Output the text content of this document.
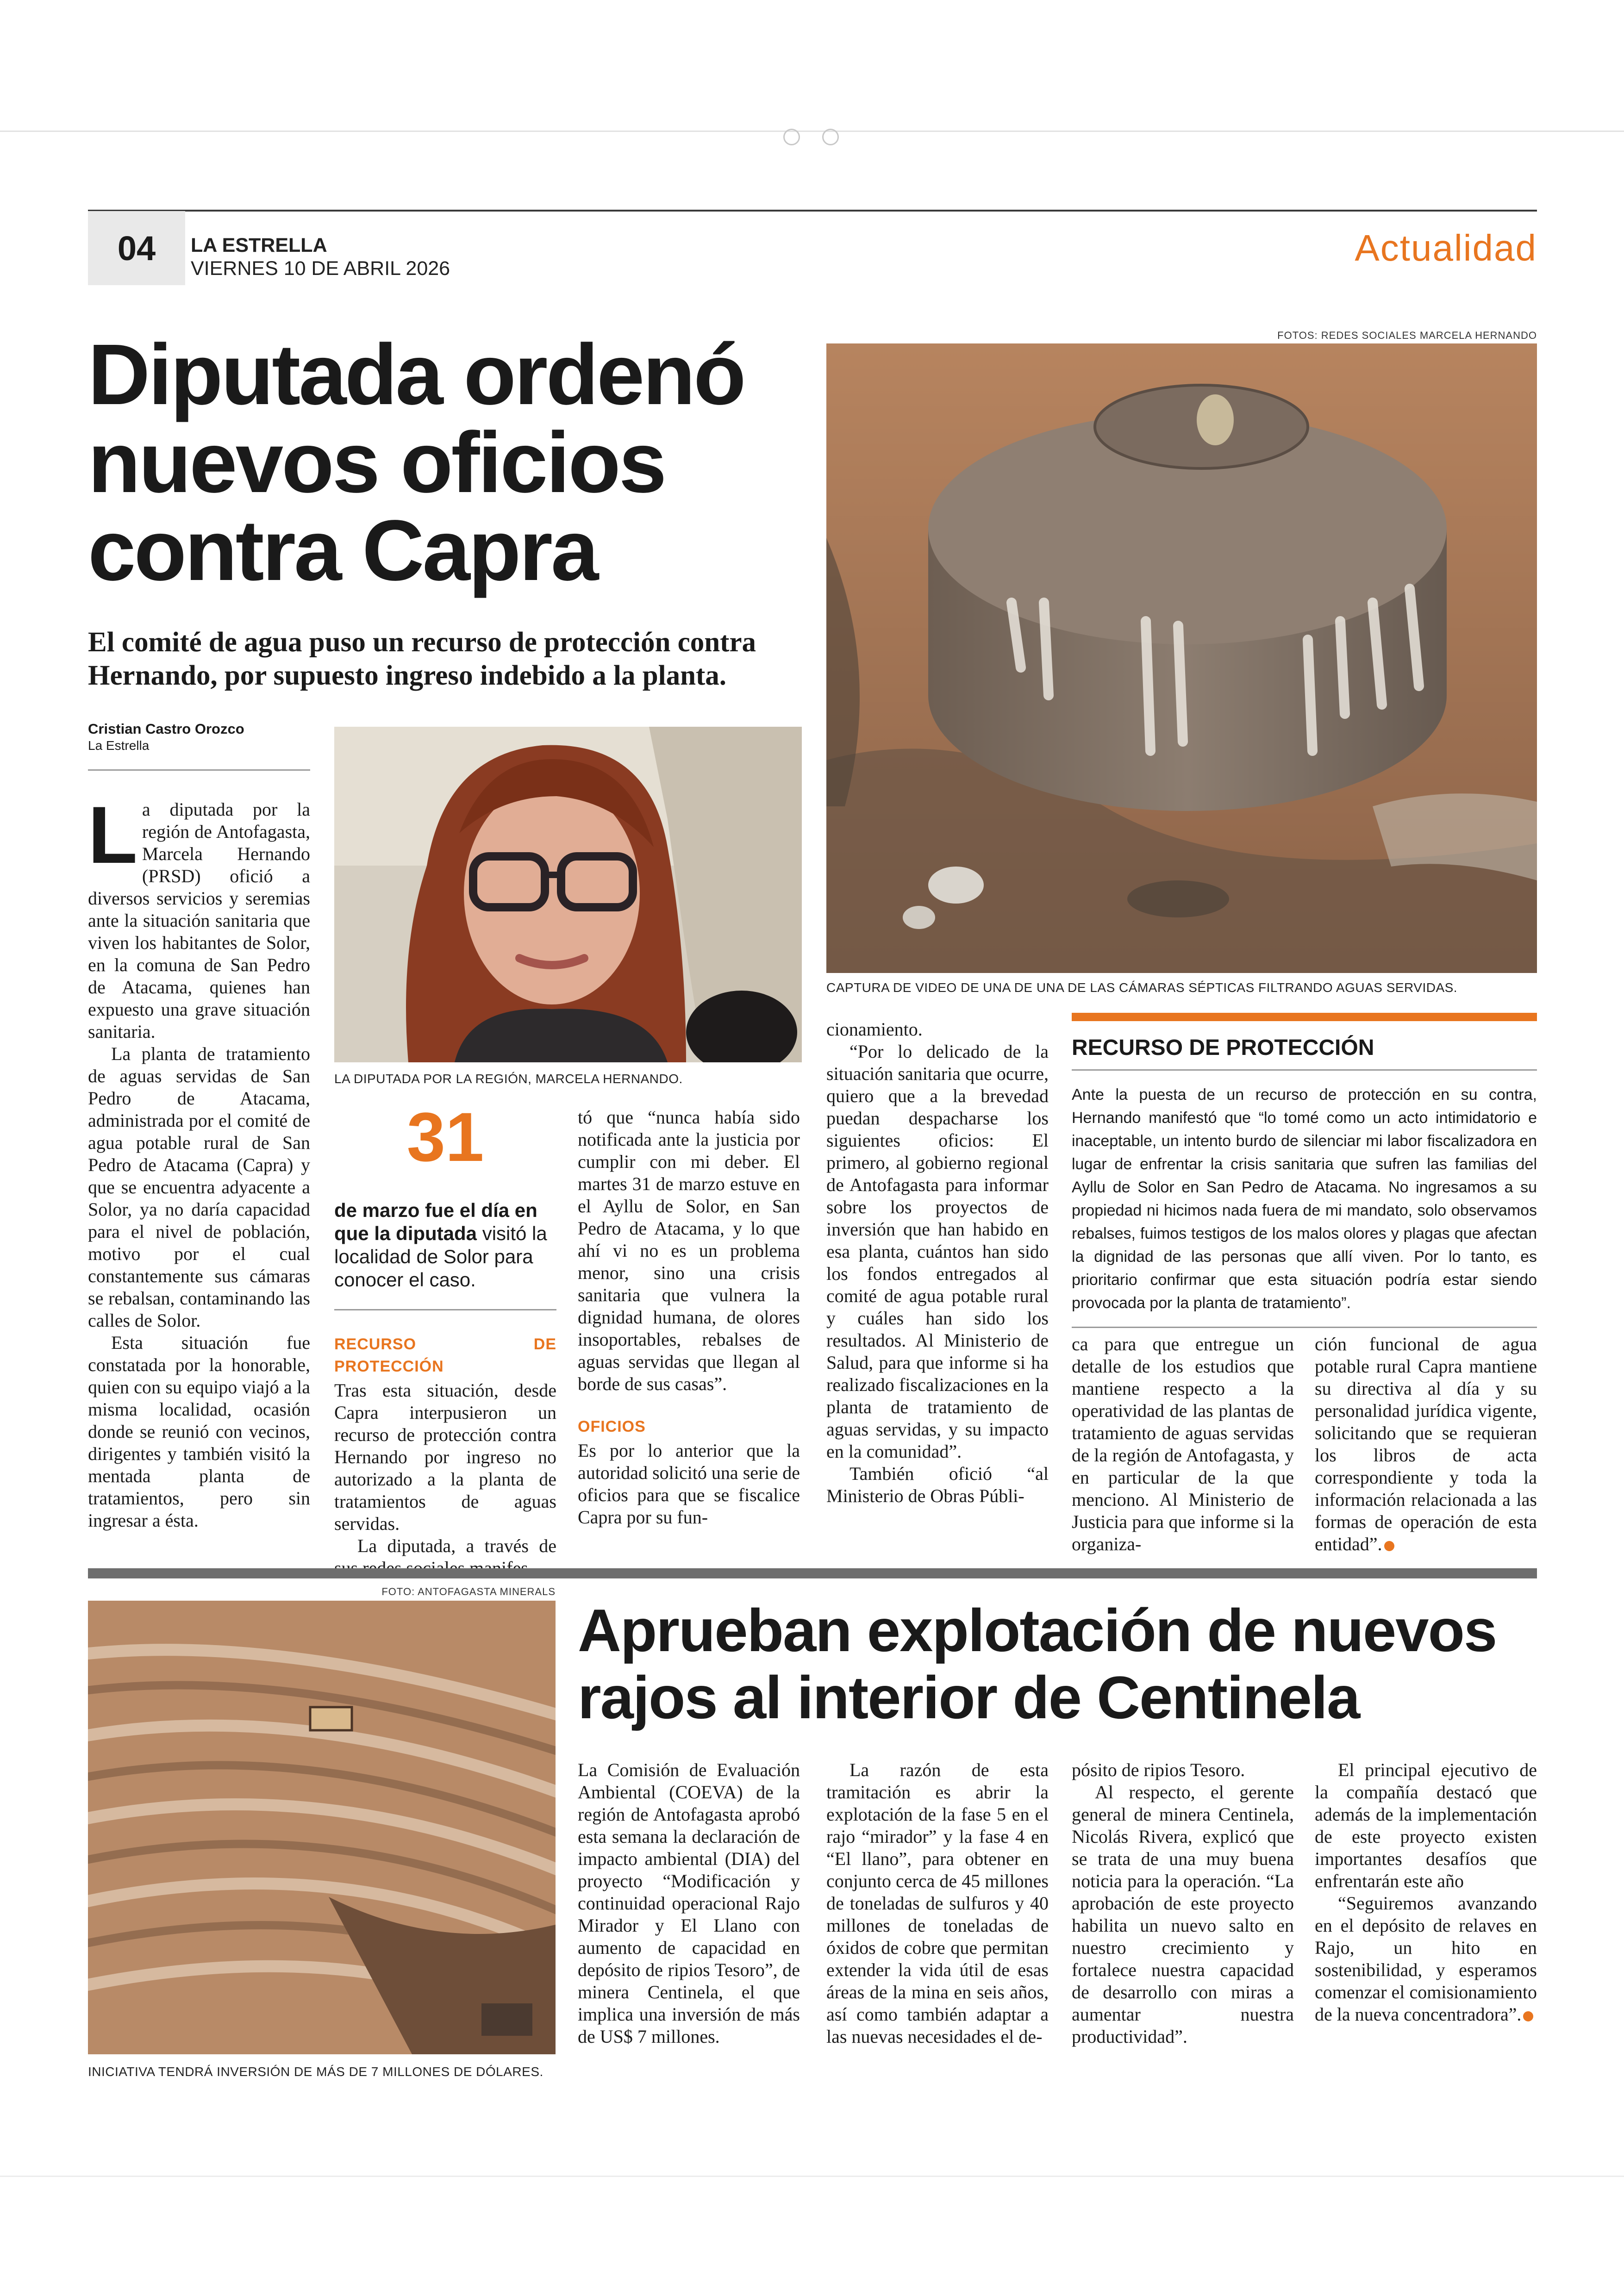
04	LA ESTRELLA
VIERNES 10 DE ABRIL 2026	Actualidad
Diputada ordenó
nuevos oficios
contra Capra
El comité de agua puso un recurso de protección contra Hernando, por supuesto ingreso indebido a la planta.
Cristian Castro Orozco
La Estrella
FOTOS: REDES SOCIALES MARCELA HERNANDO
CAPTURA DE VIDEO DE UNA DE UNA DE LAS CÁMARAS SÉPTICAS FILTRANDO AGUAS SERVIDAS.
LA DIPUTADA POR LA REGIÓN, MARCELA HERNANDO.
L a diputada por la región de Antofagasta, Marcela Hernando (PRSD) ofició a diversos servicios y seremias ante la situación sanitaria que viven los habitantes de Solor, en la comuna de San Pedro de Atacama, quienes han expuesto una grave situación sanitaria.

La planta de tratamiento de aguas servidas de San Pedro de Atacama, administrada por el comité de agua potable rural de San Pedro de Atacama (Capra) y que se encuentra adyacente a Solor, ya no daría capacidad para el nivel de población, motivo por el cual constantemente sus cámaras se rebalsan, contaminando las calles de Solor.

Esta situación fue constatada por la honorable, quien con su equipo viajó a la misma localidad, ocasión donde se reunió con vecinos, dirigentes y también visitó la mentada planta de tratamientos, pero sin ingresar a ésta.

31
de marzo fue el día en que la diputada visitó la localidad de Solor para conocer el caso.
RECURSO DE PROTECCIÓN

Tras esta situación, desde Capra interpusieron un recurso de protección contra Hernando por ingreso no autorizado a la planta de tratamientos de aguas servidas.

La diputada, a través de

tó que “nunca había sido notificada ante la justicia por cumplir con mi deber. El martes 31 de marzo estuve en el Ayllu de Solor, en San Pedro de Atacama, y lo que ahí vi no es un problema menor, sino una crisis sanitaria que vulnera la dignidad humana, de olores insoportables, rebalses de aguas servidas que llegan al borde de sus casas”.

OFICIOS

Es por lo anterior que la autoridad solicitó una serie de oficios para que se fiscalice Capra por su fun-

cionamiento.

“Por lo delicado de la situación sanitaria que ocurre, quiero que a la brevedad puedan despacharse los siguientes oficios: El primero, al gobierno regional de Antofagasta para informar sobre los proyectos de inversión que han habido en esa planta, cuántos han sido los fondos entregados al comité de agua potable rural y cuáles han sido los resultados. Al Ministerio de Salud, para que informe si ha realizado fiscalizaciones en la planta de tratamiento de aguas servidas, y su impacto en la comunidad”.

También ofició “al Ministerio de Obras Públi-

RECURSO DE PROTECCIÓN
Ante la puesta de un recurso de protección en su contra, Hernando manifestó que “lo tomé como un acto intimidatorio e inaceptable, un intento burdo de silenciar mi labor fiscalizadora en lugar de enfrentar la crisis sanitaria que sufren las familias del Ayllu de Solor en San Pedro de Atacama. No ingresamos a su propiedad ni hicimos nada fuera de mi mandato, solo observamos rebalses, fuimos testigos de los malos olores y plagas que afectan la dignidad de las personas que allí viven. Por lo tanto, es prioritario confirmar que esta situación podría estar siendo provocada por la planta de tratamiento”.

ca para que entregue un detalle de los estudios que mantiene respecto a la operatividad de las plantas de tratamiento de aguas servidas de la región de Antofagasta, y en particular de la que menciono. Al Ministerio de Justicia para que informe si la organiza-

ción funcional de agua potable rural Capra mantiene su directiva al día y su personalidad jurídica vigente, solicitando que se requieran los libros de acta correspondiente y toda la información relacionada a las formas de operación de esta entidad”.

FOTO: ANTOFAGASTA MINERALS
INICIATIVA TENDRÁ INVERSIÓN DE MÁS DE 7 MILLONES DE DÓLARES.
Aprueban explotación de nuevos
rajos al interior de Centinela

La Comisión de Evaluación Ambiental (COEVA) de la región de Antofagasta aprobó esta semana la declaración de impacto ambiental (DIA) del proyecto “Modificación y continuidad operacional Rajo Mirador y El Llano con aumento de capacidad en depósito de ripios Tesoro”, de minera Centinela, el que implica una inversión de más de US$ 7 millones.

La razón de esta tramitación es abrir la explotación de la fase 5 en el rajo “mirador” y la fase 4 en “El llano”, para obtener en conjunto cerca de 45 millones de toneladas de sulfuros y 40 millones de toneladas de óxidos de cobre que permitan extender la vida útil de esas áreas de la mina en seis años, así como también adaptar a las nuevas necesidades el de-

pósito de ripios Tesoro.

Al respecto, el gerente general de minera Centinela, Nicolás Rivera, explicó que se trata de una muy buena noticia para la operación. “La aprobación de este proyecto habilita un nuevo salto en nuestro crecimiento y fortalece nuestra capacidad de desarrollo con miras a aumentar nuestra productividad”.

El principal ejecutivo de la compañía destacó que además de la implementación de este proyecto existen importantes desafíos que enfrentarán este año

“Seguiremos avanzando en el depósito de relaves en Rajo, un hito en sostenibilidad, y esperamos comenzar el comisionamiento de la nueva concentradora”.
